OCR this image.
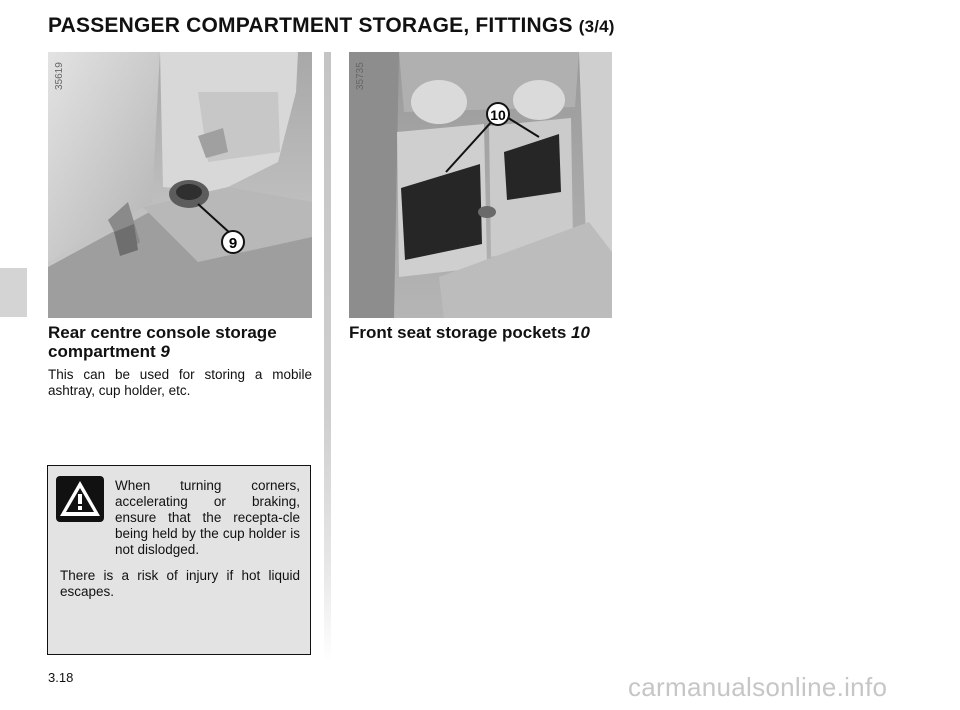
PASSENGER COMPARTMENT STORAGE, FITTINGS (3/4)
9
35619
10
35735

Rear centre console storage compartment 9

This can be used for storing a mobile ashtray, cup holder, etc.

Front seat storage pockets 10

When turning corners, accelerating or braking, ensure that the recepta-cle being held by the cup holder is not dislodged.

There is a risk of injury if hot liquid escapes.

3.18	carmanualsonline.info
